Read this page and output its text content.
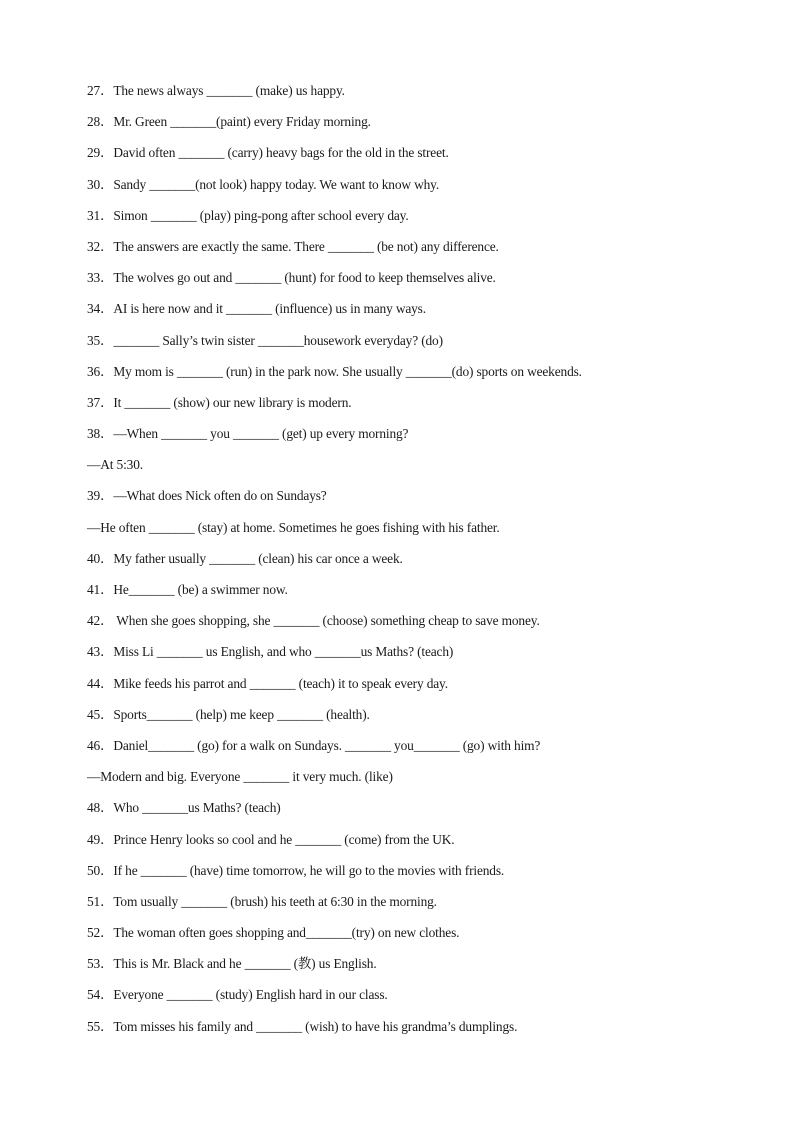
27．The news always _______ (make) us happy.
28．Mr. Green _______(paint) every Friday morning.
29．David often _______ (carry) heavy bags for the old in the street.
30．Sandy _______(not look) happy today. We want to know why.
31．Simon _______ (play) ping-pong after school every day.
32．The answers are exactly the same. There _______ (be not) any difference.
33．The wolves go out and _______ (hunt) for food to keep themselves alive.
34．AI is here now and it _______ (influence) us in many ways.
35．_______ Sally’s twin sister _______housework everyday? (do)
36．My mom is _______ (run) in the park now. She usually _______(do) sports on weekends.
37．It _______ (show) our new library is modern.
38．—When _______ you _______ (get) up every morning?
—At 5:30.
39．—What does Nick often do on Sundays?
—He often _______ (stay) at home. Sometimes he goes fishing with his father.
40．My father usually _______ (clean) his car once a week.
41．He_______ (be) a swimmer now.
42． When she goes shopping, she _______ (choose) something cheap to save money.
43．Miss Li _______ us English, and who _______us Maths? (teach)
44．Mike feeds his parrot and _______ (teach) it to speak every day.
45．Sports_______ (help) me keep _______ (health).
46．Daniel_______ (go) for a walk on Sundays. _______ you_______ (go) with him?
—Modern and big. Everyone _______ it very much. (like)
48．Who _______us Maths? (teach)
49．Prince Henry looks so cool and he _______ (come) from the UK.
50．If he _______ (have) time tomorrow, he will go to the movies with friends.
51．Tom usually _______ (brush) his teeth at 6:30 in the morning.
52．The woman often goes shopping and_______(try) on new clothes.
53．This is Mr. Black and he _______ (教) us English.
54．Everyone _______ (study) English hard in our class.
55．Tom misses his family and _______ (wish) to have his grandma’s dumplings.
